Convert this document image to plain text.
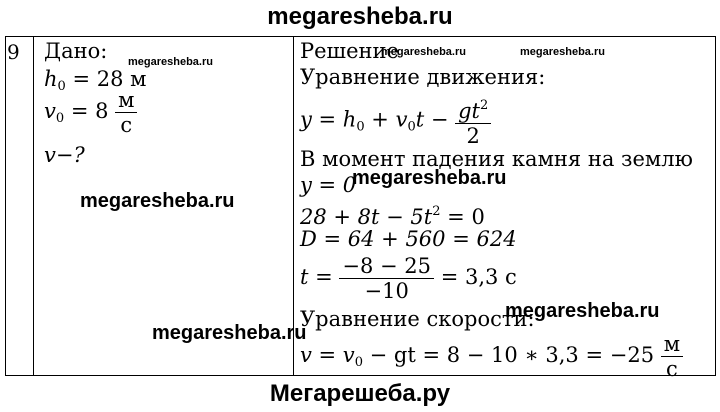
megaresheba.ru
9 Дано:
$h_0 = 28$ м
$v_0 = 8 \frac{м}{с}$
v−?
Решение
Уравнение движения:
$y = h_0 + v_0t - \frac{gt^2}{2}$
В момент падения камня на землю
y = 0
$28 + 8t - 5t^2 = 0$
D = 64 + 560 = 624
$t = \frac{-8 - 25}{-10} = 3,3$ с
Уравнение скорости:
$v = v_0$ − gt = 8 − 10 ∗ $3,3 = -25 \frac{м}{с}$
megaresheba.ru
megaresheba.ru	megaresheba.ru
megaresheba.ru
megaresheba.ru
megaresheba.ru
megaresheba.ru
Мегарешеба.ру
